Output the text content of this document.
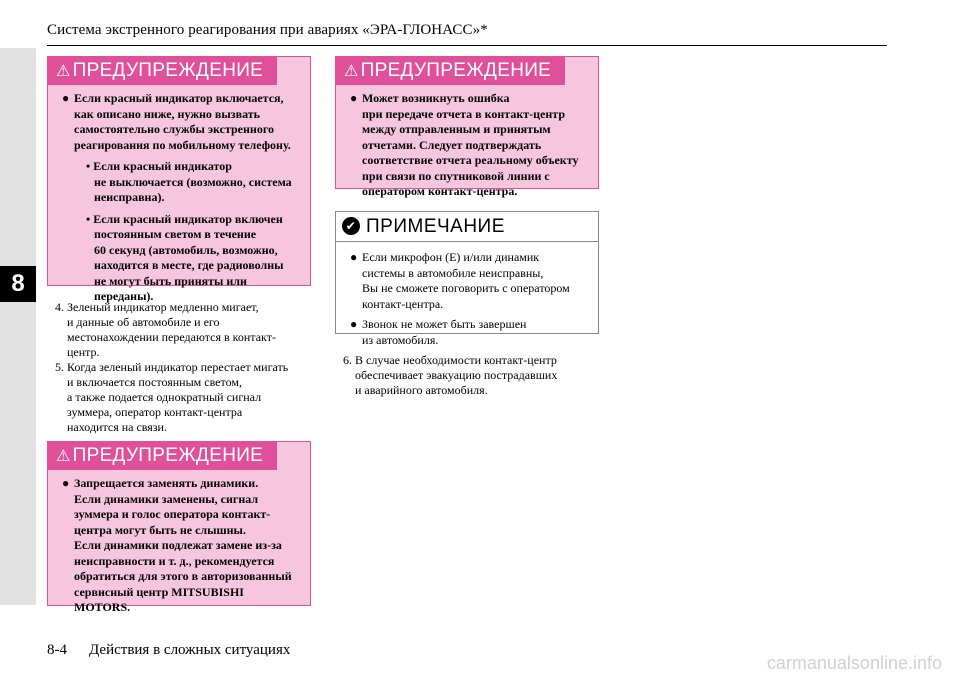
Система экстренного реагирования при авариях «ЭРА-ГЛОНАСС»*
8
⚠ ПРЕДУПРЕЖДЕНИЕ
● Если красный индикатор включается,
как описано ниже, нужно вызвать
самостоятельно службы экстренного
реагирования по мобильному телефону.
• Если красный индикатор
не выключается (возможно, система
неисправна).
• Если красный индикатор включен
постоянным светом в течение
60 секунд (автомобиль, возможно,
находится в месте, где радиоволны
не могут быть приняты или
переданы).

4. Зеленый индикатор медленно мигает,

и данные об автомобиле и его

местонахождении передаются в контакт-

центр.

5. Когда зеленый индикатор перестает мигать

и включается постоянным светом,

а также подается однократный сигнал

зуммера, оператор контакт-центра

находится на связи.

⚠ ПРЕДУПРЕЖДЕНИЕ
● Запрещается заменять динамики.
Если динамики заменены, сигнал
зуммера и голос оператора контакт-
центра могут быть не слышны.
Если динамики подлежат замене из-за
неисправности и т. д., рекомендуется
обратиться для этого в авторизованный
сервисный центр MITSUBISHI
MOTORS.
⚠ ПРЕДУПРЕЖДЕНИЕ
● Может возникнуть ошибка
при передаче отчета в контакт-центр
между отправленным и принятым
отчетами. Следует подтверждать
соответствие отчета реальному объекту
при связи по спутниковой линии с
оператором контакт-центра.
✔ ПРИМЕЧАНИЕ
● Если микрофон (E) и/или динамик
системы в автомобиле неисправны,
Вы не сможете поговорить с оператором
контакт-центра.
● Звонок не может быть завершен
из автомобиля.

6. В случае необходимости контакт-центр

обеспечивает эвакуацию пострадавших

и аварийного автомобиля.

8-4 Действия в сложных ситуациях
carmanualsonline.info
